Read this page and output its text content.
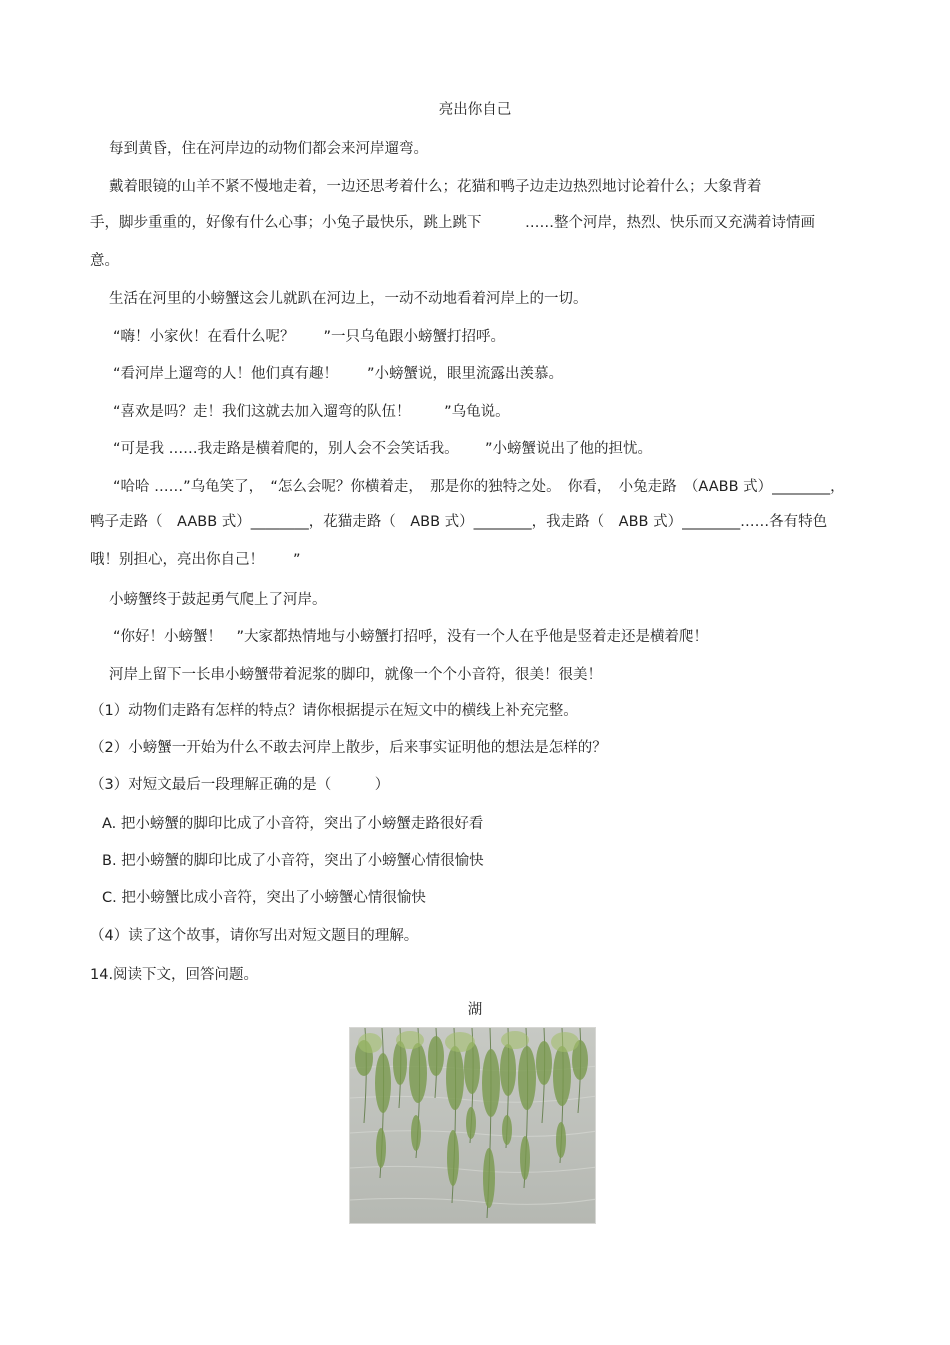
亮出你自己
每到黄昏，住在河岸边的动物们都会来河岸遛弯。
戴着眼镜的山羊不紧不慢地走着，一边还思考着什么；花猫和鸭子边走边热烈地讨论着什么；大象背着
手，脚步重重的，好像有什么心事；小兔子最快乐，跳上跳下　　　……整个河岸，热烈、快乐而又充满着诗情画
意。
生活在河里的小螃蟹这会儿就趴在河边上，一动不动地看着河岸上的一切。
“嗨！小家伙！在看什么呢？　　”一只乌龟跟小螃蟹打招呼。
“看河岸上遛弯的人！他们真有趣！　　”小螃蟹说，眼里流露出羡慕。
“喜欢是吗？走！我们这就去加入遛弯的队伍！　　 ”乌龟说。
“可是我 ……我走路是横着爬的，别人会不会笑话我。　　 ”小螃蟹说出了他的担忧。
“哈哈 ……”乌龟笑了，　“怎么会呢？你横着走，　那是你的独特之处。　你看，　小兔走路　（AABB 式）________，
鸭子走路（　AABB 式）________，花猫走路（　ABB 式）________，我走路（　ABB 式）________……各有特色
哦！别担心，亮出你自己！　　”
小螃蟹终于鼓起勇气爬上了河岸。
“你好！小螃蟹！　”大家都热情地与小螃蟹打招呼，没有一个人在乎他是竖着走还是横着爬！
河岸上留下一长串小螃蟹带着泥浆的脚印，就像一个个小音符，很美！很美！
（1）动物们走路有怎样的特点？请你根据提示在短文中的横线上补充完整。
（2）小螃蟹一开始为什么不敢去河岸上散步，后来事实证明他的想法是怎样的？
（3）对短文最后一段理解正确的是（　　　）
A. 把小螃蟹的脚印比成了小音符，突出了小螃蟹走路很好看
B. 把小螃蟹的脚印比成了小音符，突出了小螃蟹心情很愉快
C. 把小螃蟹比成小音符，突出了小螃蟹心情很愉快
（4）读了这个故事，请你写出对短文题目的理解。
14.阅读下文，回答问题。
湖
